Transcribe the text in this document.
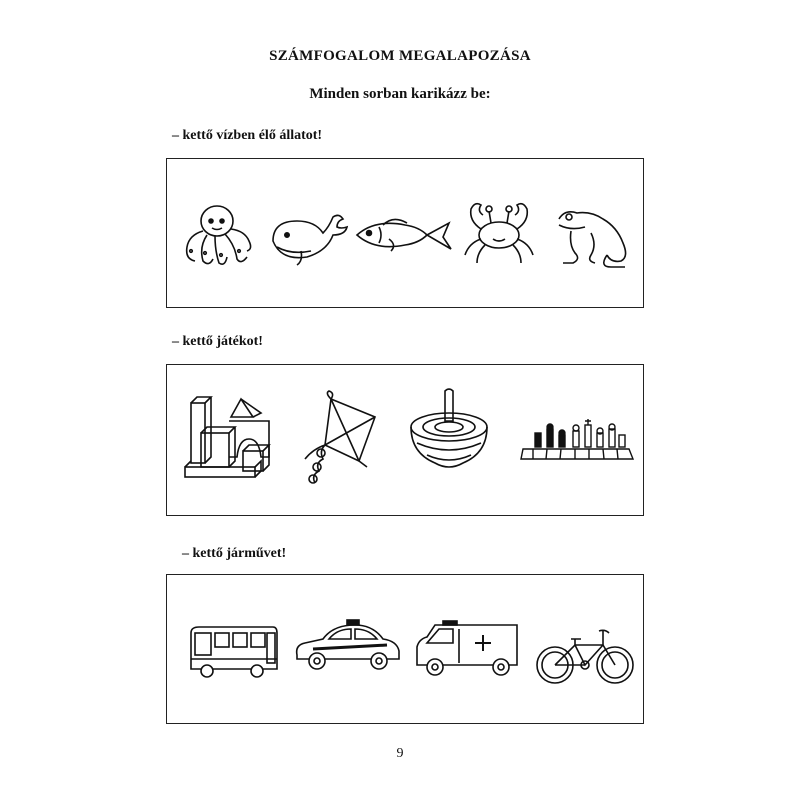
SZÁMFOGALOM MEGALAPOZÁSA
Minden sorban karikázz be:
– kettő vízben élő állatot!
– kettő játékot!
– kettő járművet!
9
